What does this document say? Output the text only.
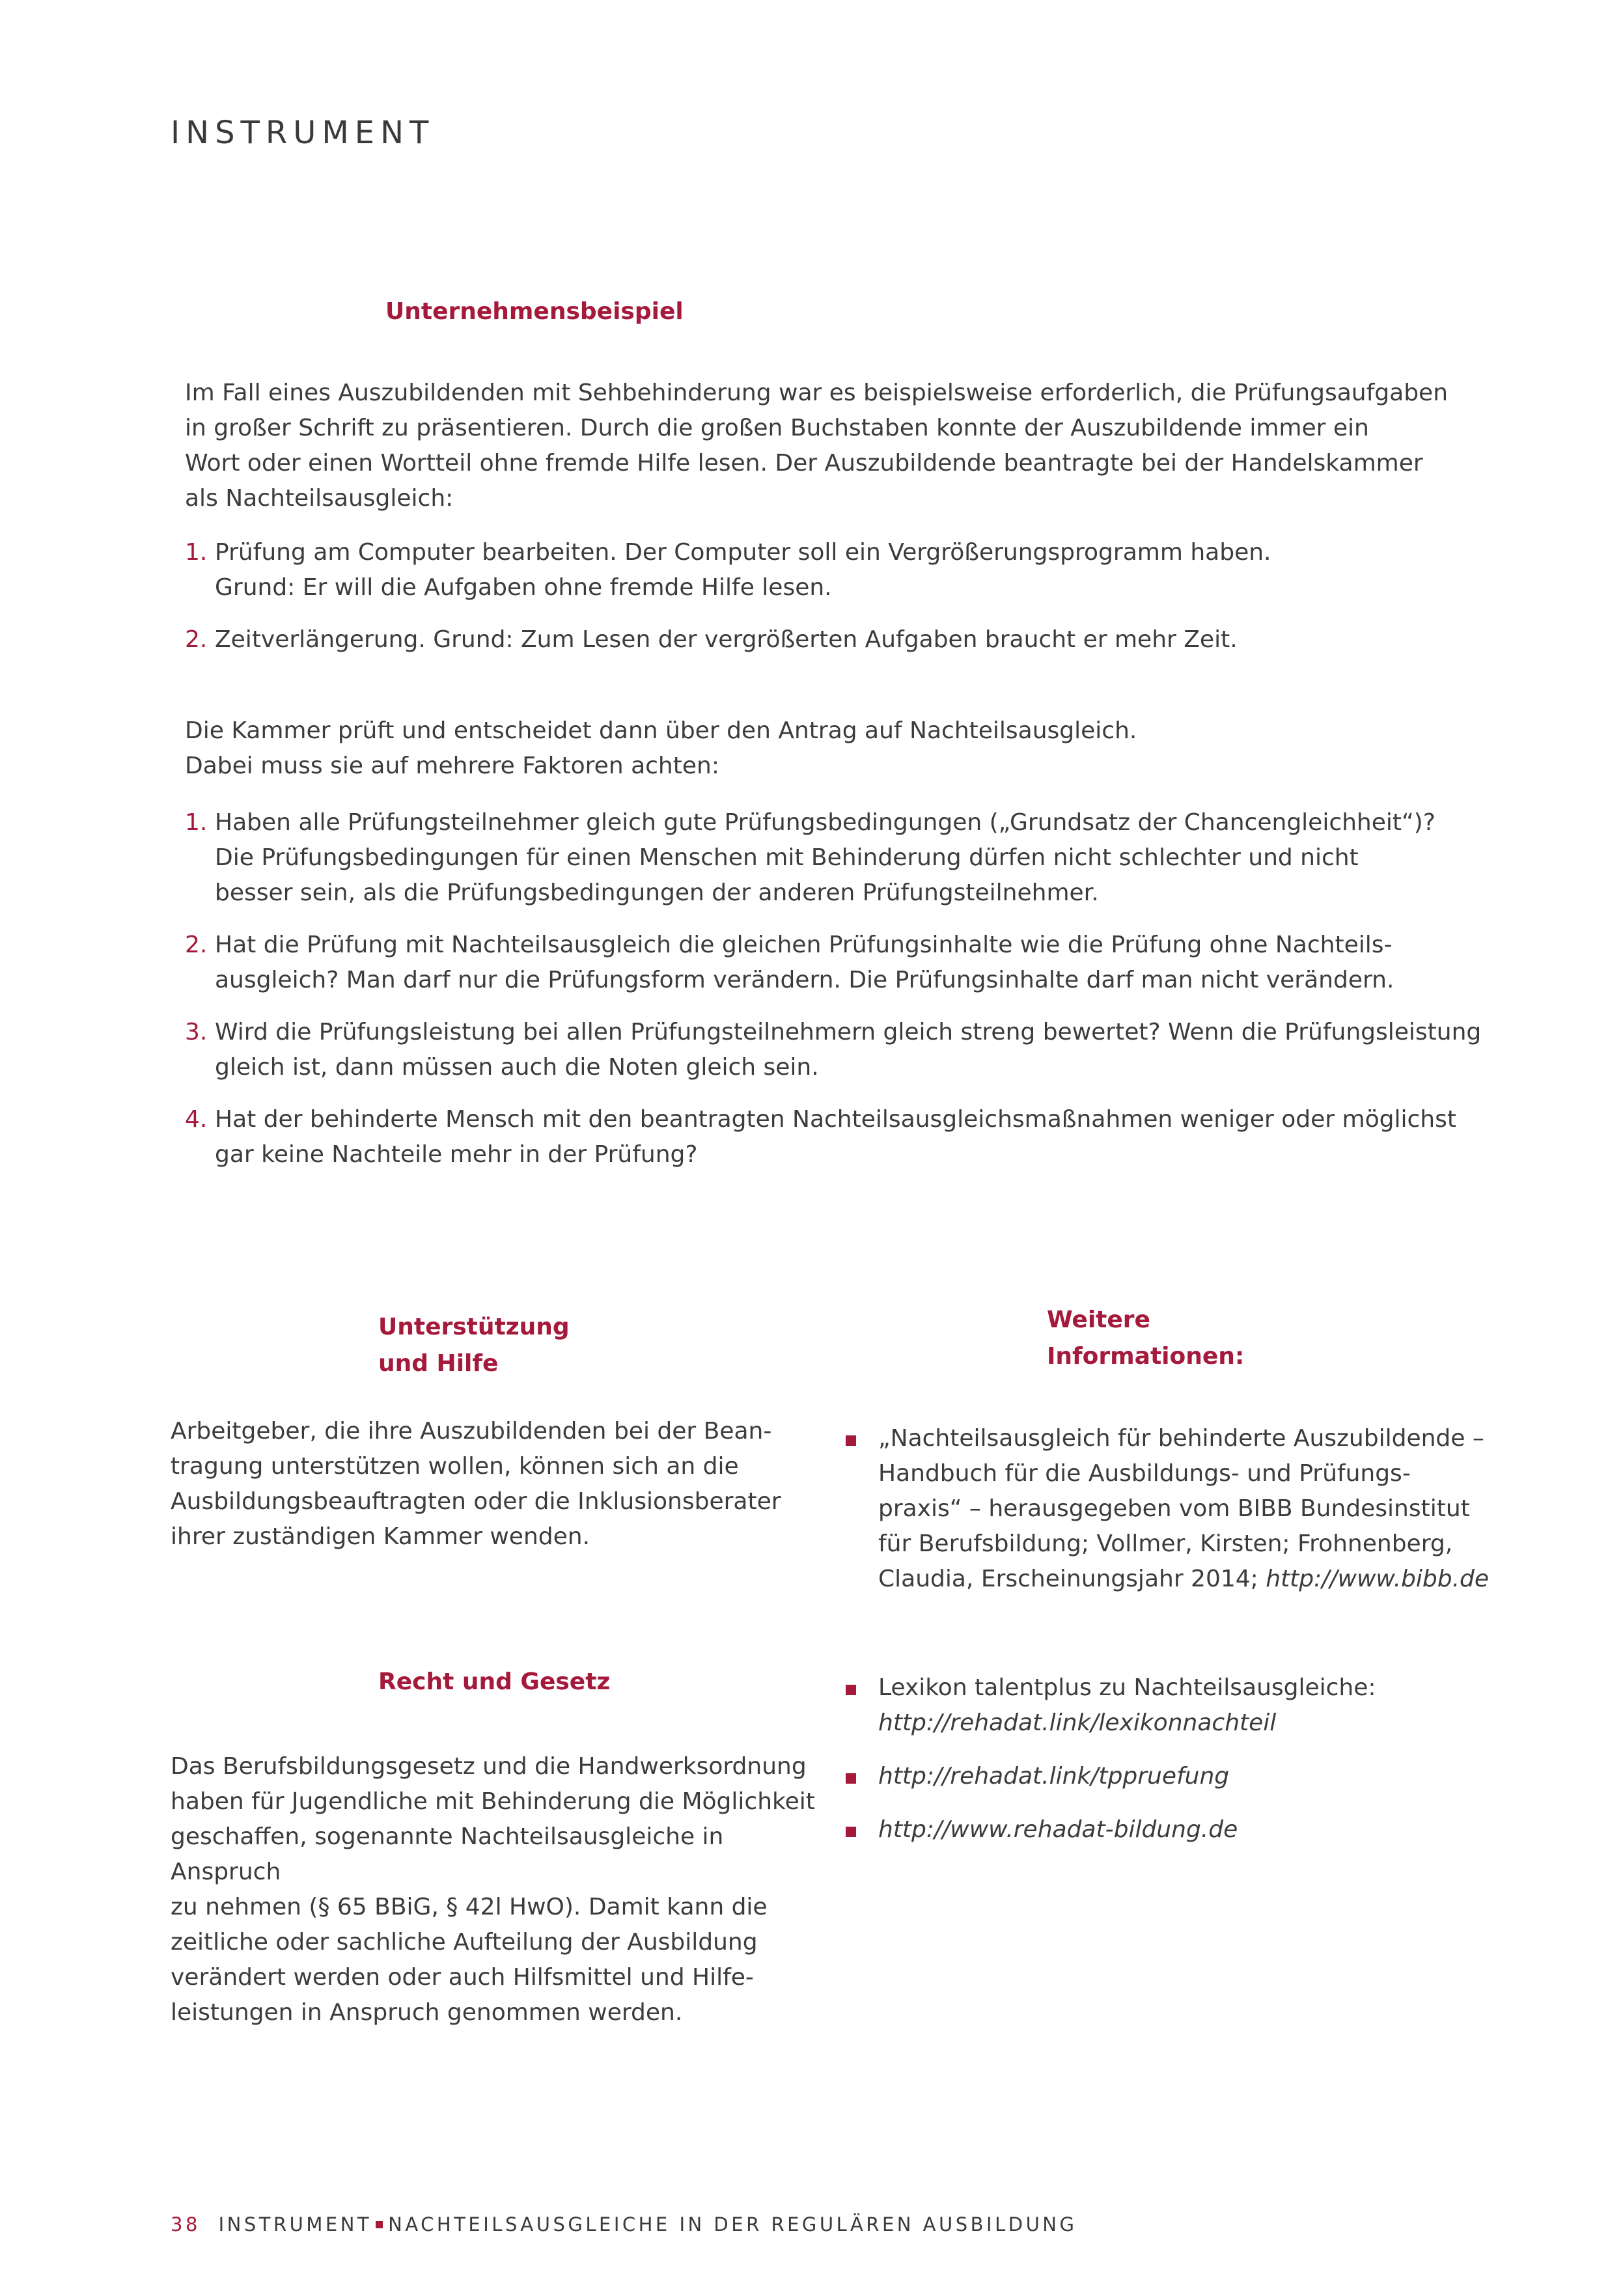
INSTRUMENT
Unternehmensbeispiel

Im Fall eines Auszubildenden mit Sehbehinderung war es beispielsweise erforderlich, die Prüfungsaufgaben

in großer Schrift zu präsentieren. Durch die großen Buchstaben konnte der Auszubildende immer ein

Wort oder einen Wortteil ohne fremde Hilfe lesen. Der Auszubildende beantragte bei der Handelskammer

als Nachteilsausgleich:

1. Prüfung am Computer bearbeiten. Der Computer soll ein Vergrößerungsprogramm haben.
Grund: Er will die Aufgaben ohne fremde Hilfe lesen.
2. Zeitverlängerung. Grund: Zum Lesen der vergrößerten Aufgaben braucht er mehr Zeit.

Die Kammer prüft und entscheidet dann über den Antrag auf Nachteilsausgleich.

Dabei muss sie auf mehrere Faktoren achten:

1. Haben alle Prüfungsteilnehmer gleich gute Prüfungsbedingungen („Grundsatz der Chancengleichheit“)?
Die Prüfungsbedingungen für einen Menschen mit Behinderung dürfen nicht schlechter und nicht
besser sein, als die Prüfungsbedingungen der anderen Prüfungsteilnehmer.
2. Hat die Prüfung mit Nachteilsausgleich die gleichen Prüfungsinhalte wie die Prüfung ohne Nachteils-
ausgleich? Man darf nur die Prüfungsform verändern. Die Prüfungsinhalte darf man nicht verändern.
3. Wird die Prüfungsleistung bei allen Prüfungsteilnehmern gleich streng bewertet? Wenn die Prüfungsleistung
gleich ist, dann müssen auch die Noten gleich sein.
4. Hat der behinderte Mensch mit den beantragten Nachteilsausgleichsmaßnahmen weniger oder möglichst
gar keine Nachteile mehr in der Prüfung?
Unterstützung
und Hilfe

Arbeitgeber, die ihre Auszubildenden bei der Bean-

tragung unterstützen wollen, können sich an die

Ausbildungsbeauftragten oder die Inklusionsberater

ihrer zuständigen Kammer wenden.

Recht und Gesetz

Das Berufsbildungsgesetz und die Handwerksordnung

haben für Jugendliche mit Behinderung die Möglichkeit

geschaffen, sogenannte Nachteilsausgleiche in Anspruch

zu nehmen (§ 65 BBiG, § 42l HwO). Damit kann die

zeitliche oder sachliche Aufteilung der Ausbildung

verändert werden oder auch Hilfsmittel und Hilfe-

leistungen in Anspruch genommen werden.

Weitere
Informationen:
„Nachteilsausgleich für behinderte Auszubildende –
Handbuch für die Ausbildungs- und Prüfungs-
praxis“ – herausgegeben vom BIBB Bundesinstitut
für Berufsbildung; Vollmer, Kirsten; Frohnenberg,
Claudia, Erscheinungsjahr 2014; http://www.bibb.de
Lexikon talentplus zu Nachteilsausgleiche:
http://rehadat.link/lexikonnachteil
http://rehadat.link/tppruefung
http://www.rehadat-bildung.de
38 INSTRUMENT NACHTEILSAUSGLEICHE IN DER REGULÄREN AUSBILDUNG
